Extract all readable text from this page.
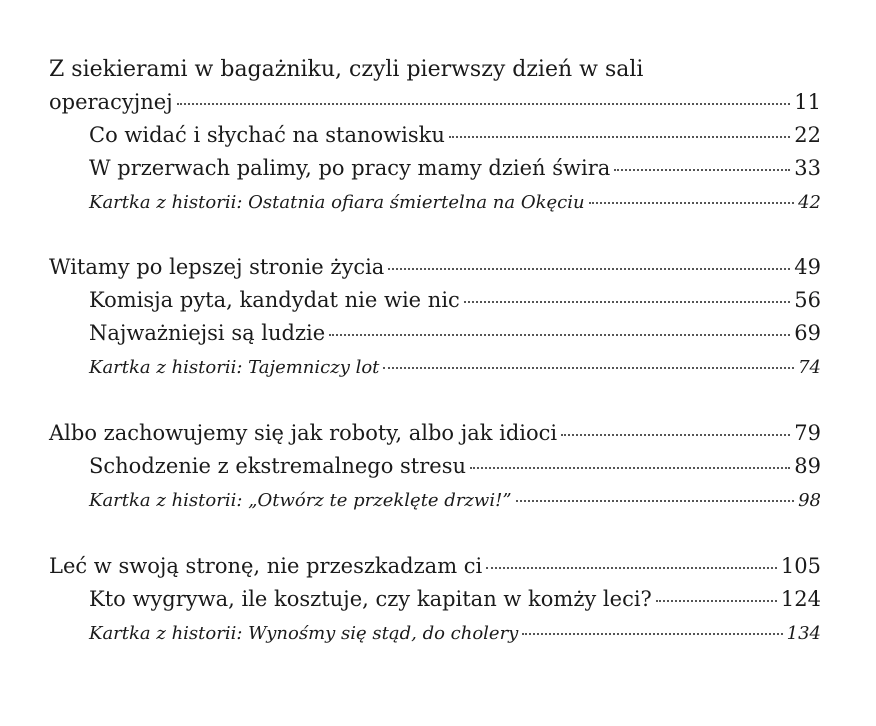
Z siekierami w bagażniku, czyli pierwszy dzień w sali
operacyjnej	11
Co widać i słychać na stanowisku	22
W przerwach palimy, po pracy mamy dzień świra	33
Kartka z historii: Ostatnia ofiara śmiertelna na Okęciu	42
Witamy po lepszej stronie życia	49
Komisja pyta, kandydat nie wie nic	56
Najważniejsi są ludzie	69
Kartka z historii: Tajemniczy lot	74
Albo zachowujemy się jak roboty, albo jak idioci	79
Schodzenie z ekstremalnego stresu	89
Kartka z historii: „Otwórz te przeklęte drzwi!”	98
Leć w swoją stronę, nie przeszkadzam ci	105
Kto wygrywa, ile kosztuje, czy kapitan w komży leci?	124
Kartka z historii: Wynośmy się stąd, do cholery	134
